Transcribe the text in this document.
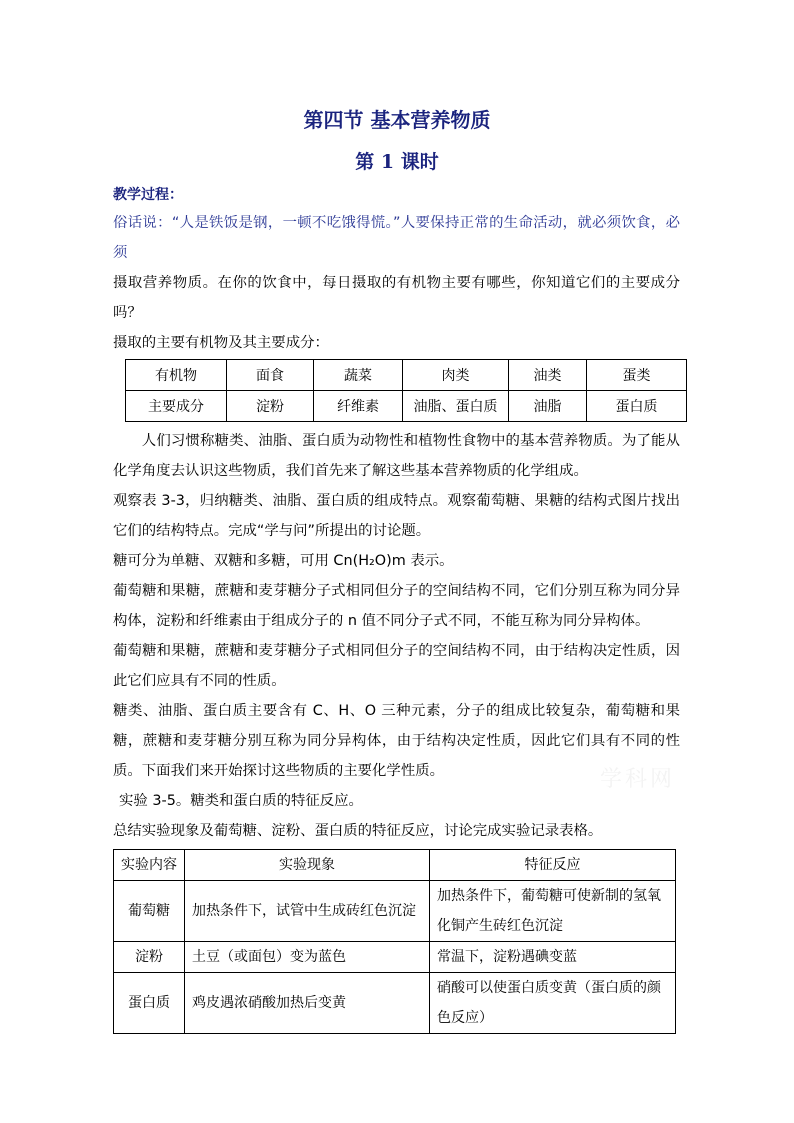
第四节 基本营养物质
第 1 课时
教学过程：

俗话说：“人是铁饭是钢，一顿不吃饿得慌。”人要保持正常的生命活动，就必须饮食，必须

摄取营养物质。在你的饮食中，每日摄取的有机物主要有哪些，你知道它们的主要成分吗？

摄取的主要有机物及其主要成分：

有机物	面食	蔬菜	肉类	油类	蛋类
主要成分	淀粉	纤维素	油脂、蛋白质	油脂	蛋白质

人们习惯称糖类、油脂、蛋白质为动物性和植物性食物中的基本营养物质。为了能从化学角度去认识这些物质，我们首先来了解这些基本营养物质的化学组成。

观察表 3-3，归纳糖类、油脂、蛋白质的组成特点。观察葡萄糖、果糖的结构式图片找出它们的结构特点。完成“学与问”所提出的讨论题。

糖可分为单糖、双糖和多糖，可用 Cn(H₂O)m 表示。

葡萄糖和果糖，蔗糖和麦芽糖分子式相同但分子的空间结构不同，它们分别互称为同分异构体，淀粉和纤维素由于组成分子的 n 值不同分子式不同，不能互称为同分异构体。

葡萄糖和果糖，蔗糖和麦芽糖分子式相同但分子的空间结构不同，由于结构决定性质，因此它们应具有不同的性质。

糖类、油脂、蛋白质主要含有 C、H、O 三种元素，分子的组成比较复杂，葡萄糖和果糖，蔗糖和麦芽糖分别互称为同分异构体，由于结构决定性质，因此它们具有不同的性质。下面我们来开始探讨这些物质的主要化学性质。

实验 3-5。糖类和蛋白质的特征反应。

总结实验现象及葡萄糖、淀粉、蛋白质的特征反应，讨论完成实验记录表格。

实验内容	实验现象	特征反应
葡萄糖	加热条件下，试管中生成砖红色沉淀	加热条件下，葡萄糖可使新制的氢氧化铜产生砖红色沉淀
淀粉	土豆（或面包）变为蓝色	常温下，淀粉遇碘变蓝
蛋白质	鸡皮遇浓硝酸加热后变黄	硝酸可以使蛋白质变黄（蛋白质的颜色反应）
学科网
